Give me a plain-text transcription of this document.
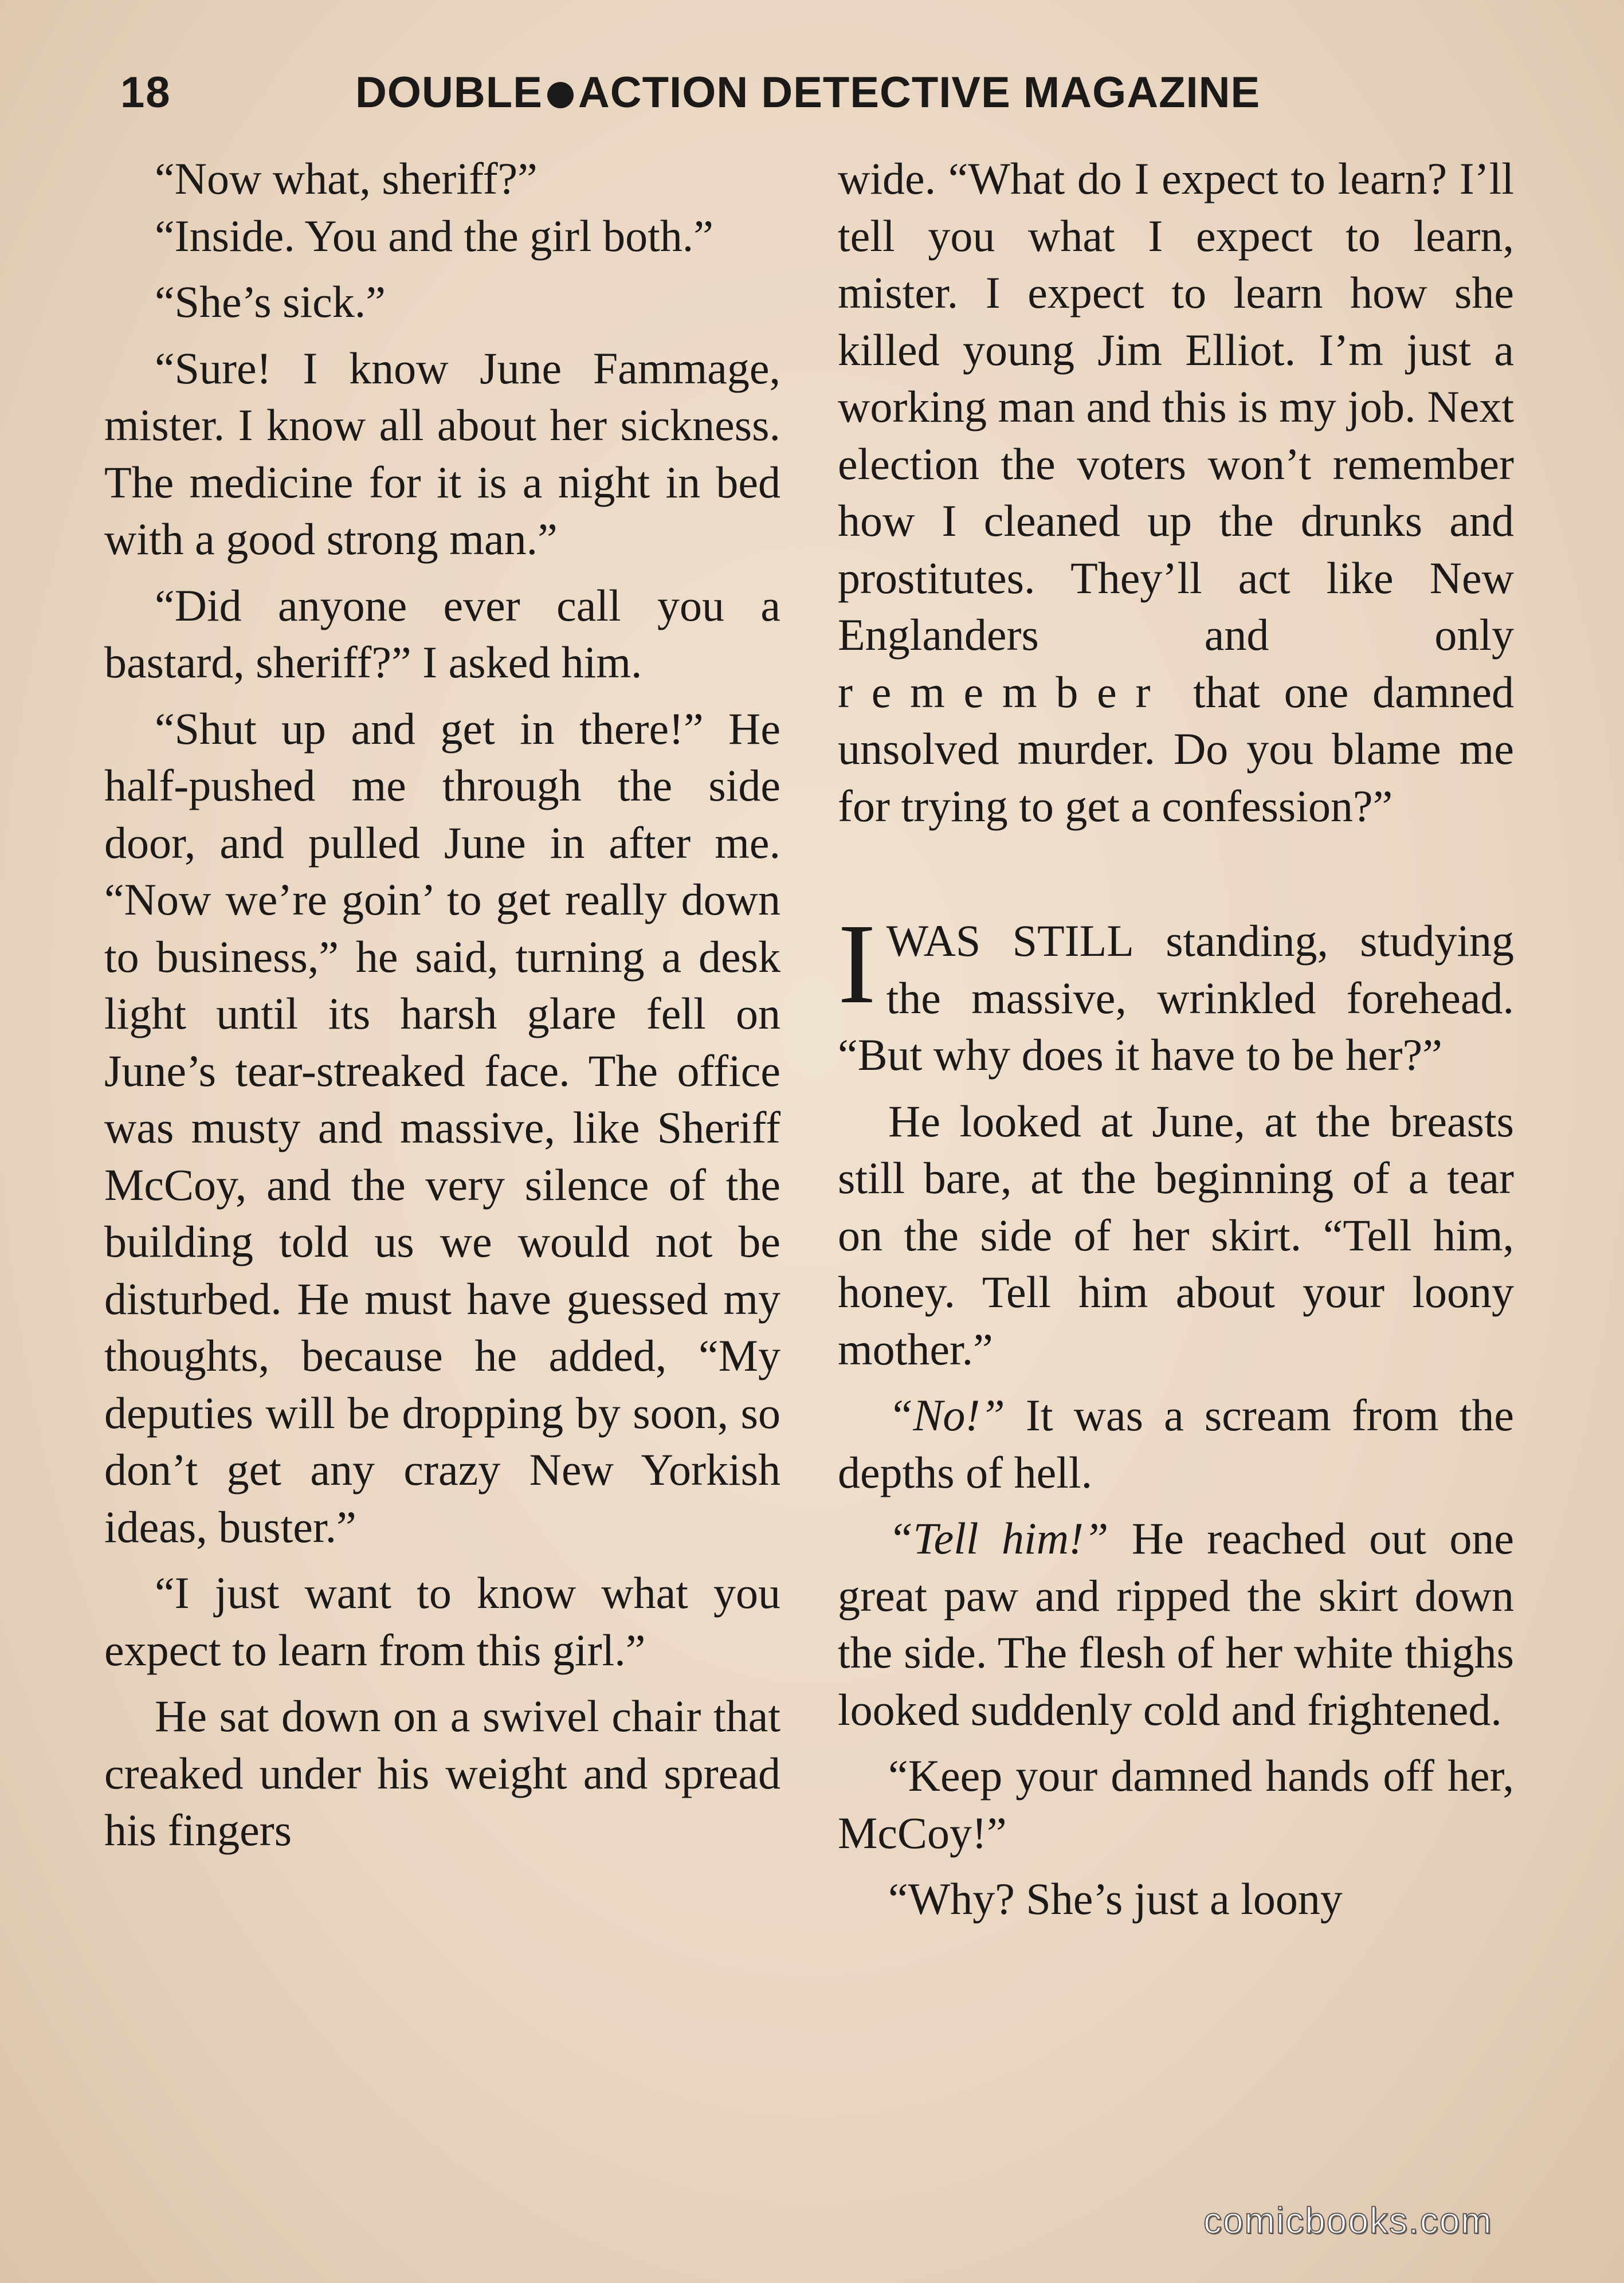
18	DOUBLE ACTION DETECTIVE MAGAZINE

“Now what, sheriff?”

“Inside. You and the girl both.”

“She’s sick.”

“Sure! I know June Fammage, mister. I know all about her sickness. The medicine for it is a night in bed with a good strong man.”

“Did anyone ever call you a bastard, sheriff?” I asked him.

“Shut up and get in there!” He half-pushed me through the side door, and pulled June in after me. “Now we’re goin’ to get really down to business,” he said, turning a desk light until its harsh glare fell on June’s tear-streaked face. The office was musty and massive, like Sheriff McCoy, and the very silence of the building told us we would not be disturbed. He must have guessed my thoughts, because he added, “My deputies will be dropping by soon, so don’t get any crazy New Yorkish ideas, buster.”

“I just want to know what you expect to learn from this girl.”

He sat down on a swivel chair that creaked under his weight and spread his fingers

wide. “What do I expect to learn? I’ll tell you what I expect to learn, mister. I expect to learn how she killed young Jim Elliot. I’m just a working man and this is my job. Next election the voters won’t remember how I cleaned up the drunks and prostitutes. They’ll act like New Englanders and only remember that one damned unsolved murder. Do you blame me for trying to get a confession?”

IWAS STILL standing, studying the massive, wrinkled forehead. “But why does it have to be her?”

He looked at June, at the breasts still bare, at the beginning of a tear on the side of her skirt. “Tell him, honey. Tell him about your loony mother.”

“No!” It was a scream from the depths of hell.

“Tell him!” He reached out one great paw and ripped the skirt down the side. The flesh of her white thighs looked suddenly cold and frightened.

“Keep your damned hands off her, McCoy!”

“Why? She’s just a loony

comicbooks.com
